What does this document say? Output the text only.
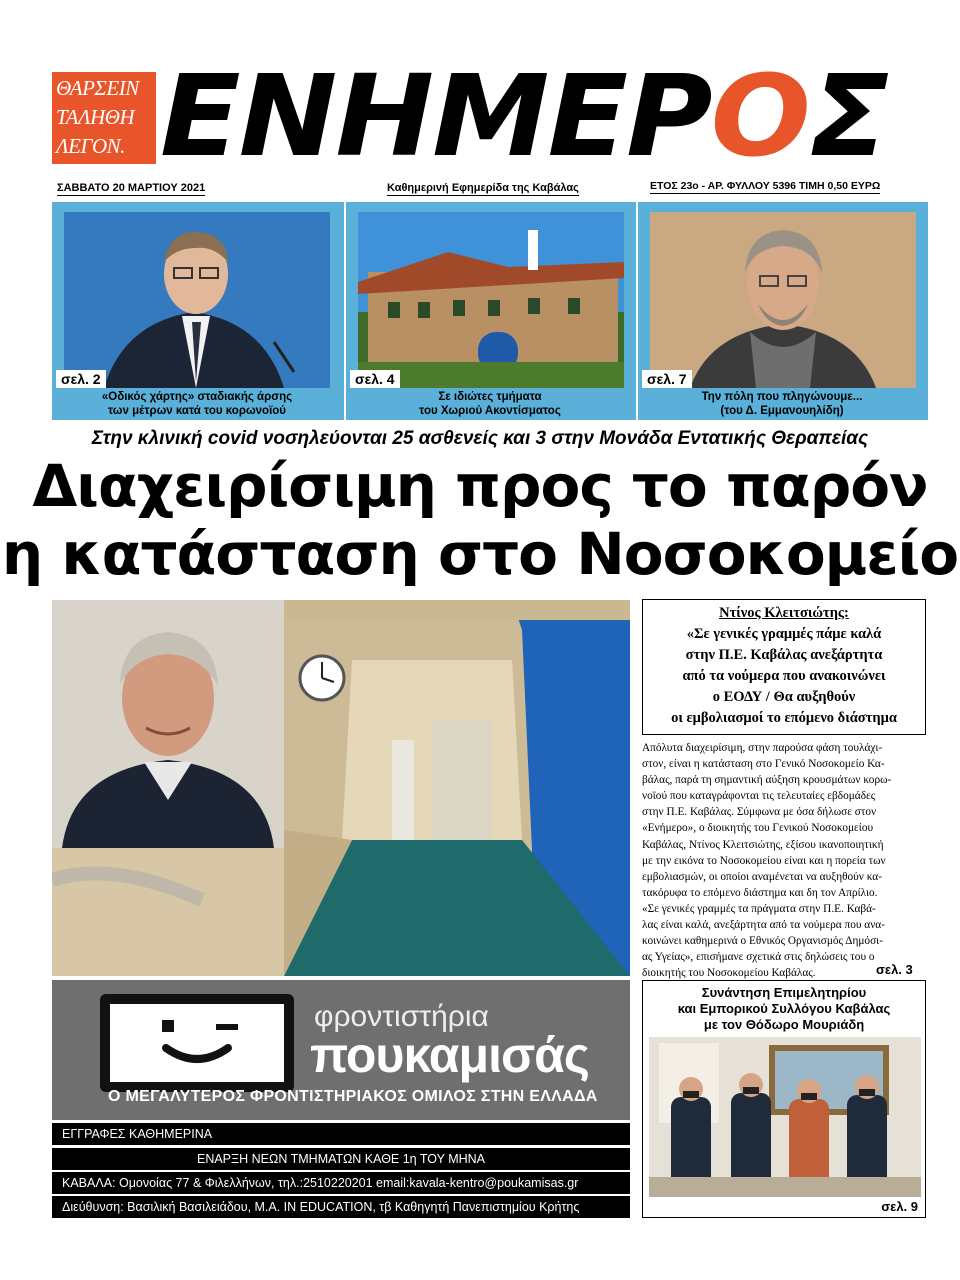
ΘΑΡΣΕΙΝ
ΤΑΛΗΘΗ
ΛΕΓΟΝ. ΕΝΗΜΕΡΟΣ
ΣΑΒΒΑΤΟ 20 ΜΑΡΤΙΟΥ 2021	Καθημερινή Εφημερίδα της Καβάλας	ΕΤΟΣ 23ο - ΑΡ. ΦΥΛΛΟΥ 5396 ΤΙΜΗ 0,50 ΕΥΡΩ
σελ. 2
«Οδικός χάρτης» σταδιακής άρσης
των μέτρων κατά του κορωνοϊού
σελ. 4
Σε ιδιώτες τμήματα
του Χωριού Ακοντίσματος
σελ. 7
Την πόλη που πληγώνουμε...
(του Δ. Εμμανουηλίδη)
Στην κλινική covid νοσηλεύονται 25 ασθενείς και 3 στην Μονάδα Εντατικής Θεραπείας
Διαχειρίσιμη προς το παρόν
η κατάσταση στο Νοσοκομείο
Ντίνος Κλειτσιώτης:
«Σε γενικές γραμμές πάμε καλά
στην Π.Ε. Καβάλας ανεξάρτητα
από τα νούμερα που ανακοινώνει
ο ΕΟΔΥ / Θα αυξηθούν
οι εμβολιασμοί το επόμενο διάστημα
Απόλυτα διαχειρίσιμη, στην παρούσα φάση τουλάχι-
στον, είναι η κατάσταση στο Γενικό Νοσοκομείο Κα-
βάλας, παρά τη σημαντική αύξηση κρουσμάτων κορω-
νοϊού που καταγράφονται τις τελευταίες εβδομάδες
στην Π.Ε. Καβάλας. Σύμφωνα με όσα δήλωσε στον
«Ενήμερο», ο διοικητής του Γενικού Νοσοκομείου
Καβάλας, Ντίνος Κλειτσιώτης, εξίσου ικανοποιητική
με την εικόνα το Νοσοκομείου είναι και η πορεία των
εμβολιασμών, οι οποίοι αναμένεται να αυξηθούν κα-
τακόρυφα το επόμενο διάστημα και δη τον Απρίλιο.
«Σε γενικές γραμμές τα πράγματα στην Π.Ε. Καβά-
λας είναι καλά, ανεξάρτητα από τα νούμερα που ανα-
κοινώνει καθημερινά ο Εθνικός Οργανισμός Δημόσι-
ας Υγείας», επισήμανε σχετικά στις δηλώσεις του ο
διοικητής του Νοσοκομείου Καβάλας.	σελ. 3
Συνάντηση Επιμελητηρίου
και Εμπορικού Συλλόγου Καβάλας
με τον Θόδωρο Μουριάδη
σελ. 9
φροντιστήρια
πουκαμισάς
Ο ΜΕΓΑΛΥΤΕΡΟΣ ΦΡΟΝΤΙΣΤΗΡΙΑΚΟΣ ΟΜΙΛΟΣ ΣΤΗΝ ΕΛΛΑΔΑ
ΕΓΓΡΑΦΕΣ ΚΑΘΗΜΕΡΙΝΑ
ΕΝΑΡΞΗ ΝΕΩΝ ΤΜΗΜΑΤΩΝ ΚΑΘΕ 1η ΤΟΥ ΜΗΝΑ
ΚΑΒΑΛΑ: Ομονοίας 77 & Φιλελλήνων, τηλ.:2510220201 email:kavala-kentro@poukamisas.gr
Διεύθυνση: Βασιλική Βασιλειάδου, Μ.Α. IN EDUCATION, τβ Καθηγητή Πανεπιστημίου Κρήτης
